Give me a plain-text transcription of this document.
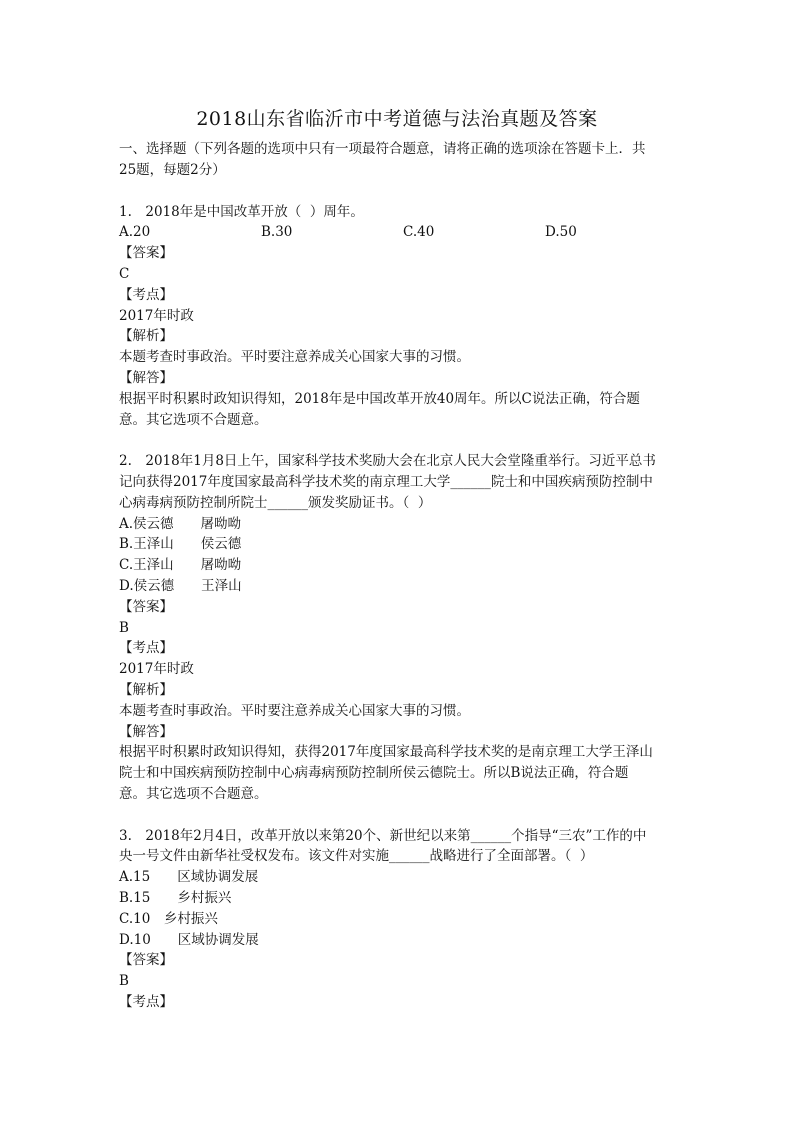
2018山东省临沂市中考道德与法治真题及答案
一、选择题（下列各题的选项中只有一项最符合题意，请将正确的选项涂在答题卡上．共
25题，每题2分）
1.　2018年是中国改革开放（  ）周年。
A.20	B.30	C.40	D.50
【答案】
C
【考点】
2017年时政
【解析】
本题考查时事政治。平时要注意养成关心国家大事的习惯。
【解答】
根据平时积累时政知识得知，2018年是中国改革开放40周年。所以C说法正确，符合题
意。其它选项不合题意。
2.　2018年1月8日上午，国家科学技术奖励大会在北京人民大会堂隆重举行。习近平总书
记向获得2017年度国家最高科学技术奖的南京理工大学______院士和中国疾病预防控制中
心病毒病预防控制所院士______颁发奖励证书。（  ）
A.侯云德　　屠呦呦
B.王泽山　　侯云德
C.王泽山　　屠呦呦
D.侯云德　　王泽山
【答案】
B
【考点】
2017年时政
【解析】
本题考查时事政治。平时要注意养成关心国家大事的习惯。
【解答】
根据平时积累时政知识得知，获得2017年度国家最高科学技术奖的是南京理工大学王泽山
院士和中国疾病预防控制中心病毒病预防控制所侯云德院士。所以B说法正确，符合题
意。其它选项不合题意。
3.　2018年2月4日，改革开放以来第20个、新世纪以来第______个指导“三农”工作的中
央一号文件由新华社受权发布。该文件对实施______战略进行了全面部署。（  ）
A.15　　区域协调发展
B.15　　乡村振兴
C.10　乡村振兴
D.10　　区域协调发展
【答案】
B
【考点】
